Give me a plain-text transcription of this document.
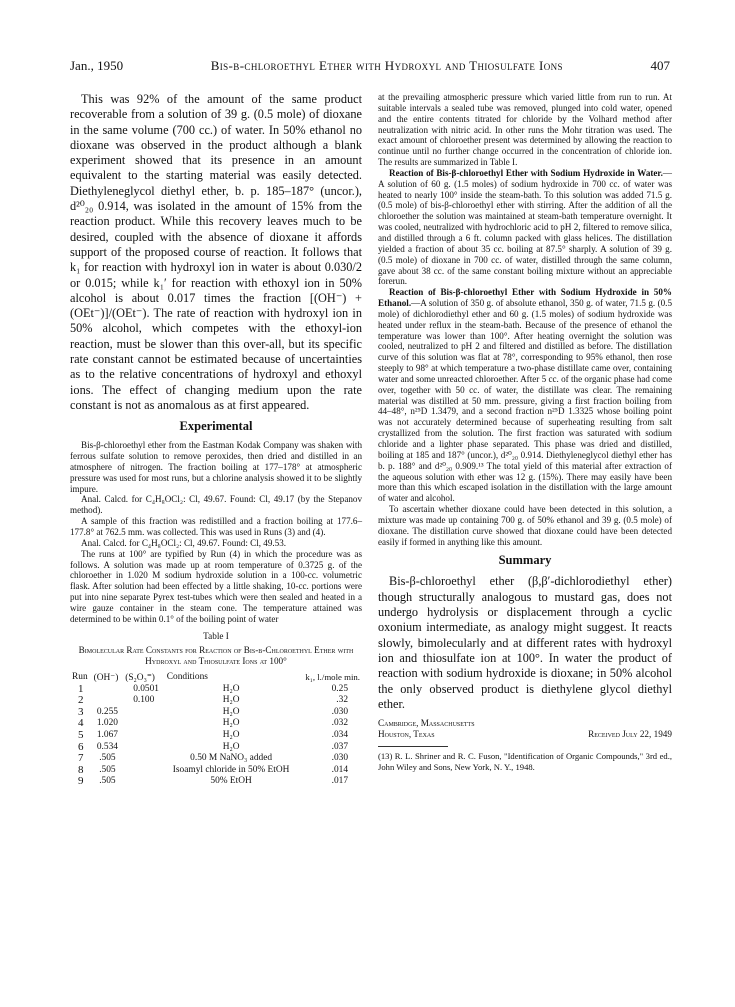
Jan., 1950	Bis-β-chloroethyl Ether with Hydroxyl and Thiosulfate Ions	407

This was 92% of the amount of the same product recoverable from a solution of 39 g. (0.5 mole) of dioxane in the same volume (700 cc.) of water. In 50% ethanol no dioxane was observed in the product although a blank experiment showed that its presence in an amount equivalent to the starting material was easily detected. Diethyleneglycol diethyl ether, b. p. 185–187° (uncor.), d²⁰₂₀ 0.914, was isolated in the amount of 15% from the reaction product. While this recovery leaves much to be desired, coupled with the absence of dioxane it affords support of the proposed course of reaction. It follows that k₁ for reaction with hydroxyl ion in water is about 0.030/2 or 0.015; while k₁′ for reaction with ethoxyl ion in 50% alcohol is about 0.017 times the fraction [(OH⁻) + (OEt⁻)]/(OEt⁻). The rate of reaction with hydroxyl ion in 50% alcohol, which competes with the ethoxyl-ion reaction, must be slower than this over-all, but its specific rate constant cannot be estimated because of uncertainties as to the relative concentrations of hydroxyl and ethoxyl ions. The effect of changing medium upon the rate constant is not as anomalous as at first appeared.

Experimental

Bis-β-chloroethyl ether from the Eastman Kodak Company was shaken with ferrous sulfate solution to remove peroxides, then dried and distilled in an atmosphere of nitrogen. The fraction boiling at 177–178° at atmospheric pressure was used for most runs, but a chlorine analysis showed it to be slightly impure.

Anal. Calcd. for C₄H₈OCl₂: Cl, 49.67. Found: Cl, 49.17 (by the Stepanov method).

A sample of this fraction was redistilled and a fraction boiling at 177.6–177.8° at 762.5 mm. was collected. This was used in Runs (3) and (4).

Anal. Calcd. for C₄H₈OCl₂: Cl, 49.67. Found: Cl, 49.53.

The runs at 100° are typified by Run (4) in which the procedure was as follows. A solution was made up at room temperature of 0.3725 g. of the chloroether in 1.020 M sodium hydroxide solution in a 100-cc. volumetric flask. After solution had been effected by a little shaking, 10-cc. portions were put into nine separate Pyrex test-tubes which were then sealed and heated in a wire gauze container in the steam cone. The temperature attained was determined to be within 0.1° of the boiling point of water

Table I
Bimolecular Rate Constants for Reaction of Bis-β-Chloroethyl Ether with Hydroxyl and Thiosulfate Ions at 100°
Run	(OH⁻)	(S₂O₃⁼)	Conditions	k₁, l./mole min.
1		0.0501	H₂O	0.25
2		0.100	H₂O	.32
3	0.255		H₂O	.030
4	1.020		H₂O	.032
5	1.067		H₂O	.034
6	0.534		H₂O	.037
7	.505		0.50 M NaNO₃ added	.030
8	.505		Isoamyl chloride in 50% EtOH	.014
9	.505		50% EtOH	.017

at the prevailing atmospheric pressure which varied little from run to run. At suitable intervals a sealed tube was removed, plunged into cold water, opened and the entire contents titrated for chloride by the Volhard method after neutralization with nitric acid. In other runs the Mohr titration was used. The exact amount of chloroether present was determined by allowing the reaction to continue until no further change occurred in the concentration of chloride ion. The results are summarized in Table I.

Reaction of Bis-β-chloroethyl Ether with Sodium Hydroxide in Water.—A solution of 60 g. (1.5 moles) of sodium hydroxide in 700 cc. of water was heated to nearly 100° inside the steam-bath. To this solution was added 71.5 g. (0.5 mole) of bis-β-chloroethyl ether with stirring. After the addition of all the chloroether the solution was maintained at steam-bath temperature overnight. It was cooled, neutralized with hydrochloric acid to pH 2, filtered to remove silica, and distilled through a 6 ft. column packed with glass helices. The distillation yielded a fraction of about 35 cc. boiling at 87.5° sharply. A solution of 39 g. (0.5 mole) of dioxane in 700 cc. of water, distilled through the same column, gave about 38 cc. of the same constant boiling mixture without an appreciable forerun.

Reaction of Bis-β-chloroethyl Ether with Sodium Hydroxide in 50% Ethanol.—A solution of 350 g. of absolute ethanol, 350 g. of water, 71.5 g. (0.5 mole) of dichlorodiethyl ether and 60 g. (1.5 moles) of sodium hydroxide was heated under reflux in the steam-bath. Because of the presence of ethanol the temperature was lower than 100°. After heating overnight the solution was cooled, neutralized to pH 2 and filtered and distilled as before. The distillation curve of this solution was flat at 78°, corresponding to 95% ethanol, then rose steeply to 98° at which temperature a two-phase distillate came over, containing water and some unreacted chloroether. After 5 cc. of the organic phase had come over, together with 50 cc. of water, the distillate was clear. The remaining material was distilled at 50 mm. pressure, giving a first fraction boiling from 44–48°, n²⁵D 1.3479, and a second fraction n²⁵D 1.3325 whose boiling point was not accurately determined because of superheating resulting from salt crystallized from the solution. The first fraction was saturated with sodium chloride and a lighter phase separated. This phase was dried and distilled, boiling at 185 and 187° (uncor.), d²⁰₂₀ 0.914. Diethyleneglycol diethyl ether has b. p. 188° and d²⁰₂₀ 0.909.¹³ The total yield of this material after extraction of the aqueous solution with ether was 12 g. (15%). There may easily have been more than this which escaped isolation in the distillation with the large amount of water and alcohol.

To ascertain whether dioxane could have been detected in this solution, a mixture was made up containing 700 g. of 50% ethanol and 39 g. (0.5 mole) of dioxane. The distillation curve showed that dioxane could have been detected easily if formed in anything like this amount.

Summary

Bis-β-chloroethyl ether (β,β′-dichlorodiethyl ether) though structurally analogous to mustard gas, does not undergo hydrolysis or displacement through a cyclic oxonium intermediate, as analogy might suggest. It reacts slowly, bimolecularly and at different rates with hydroxyl ion and thiosulfate ion at 100°. In water the product of reaction with sodium hydroxide is dioxane; in 50% alcohol the only observed product is diethylene glycol diethyl ether.

Cambridge, Massachusetts
Houston, Texas	Received July 22, 1949

(13) R. L. Shriner and R. C. Fuson, "Identification of Organic Compounds," 3rd ed., John Wiley and Sons, New York, N. Y., 1948.
